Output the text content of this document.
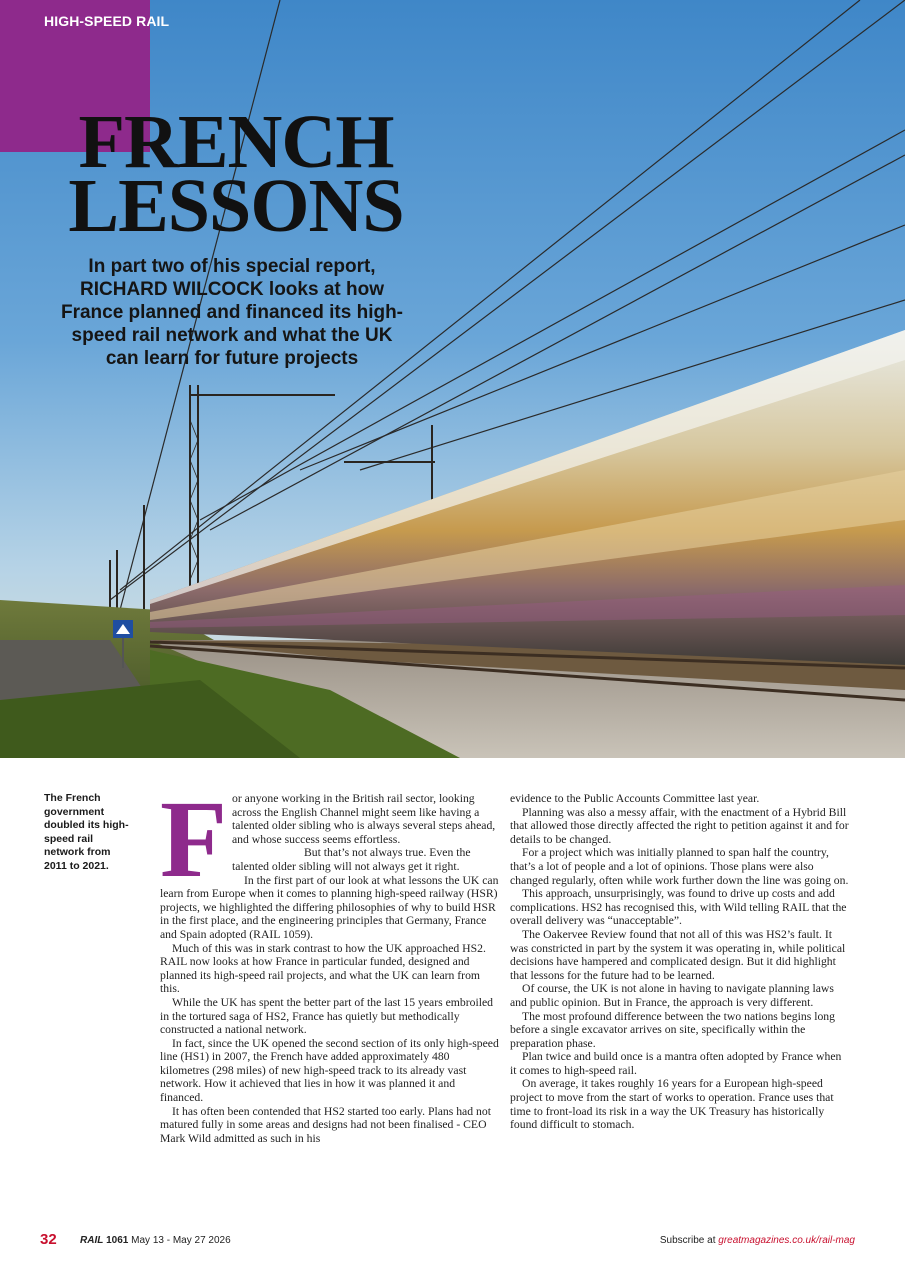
HIGH-SPEED RAIL
FRENCH
LESSONS

In part two of his special report, RICHARD WILCOCK looks at how France planned and financed its high-speed rail network and what the UK can learn for future projects

The French government doubled its high-speed rail network from 2011 to 2021. For anyone working in the British rail sector, looking across the English Channel might seem like having a talented older sibling who is always several steps ahead, and whose success seems effortless.

But that’s not always true. Even the talented older sibling will not always get it right.

In the first part of our look at what lessons the UK can learn from Europe when it comes to planning high-speed railway (HSR) projects, we highlighted the differing philosophies of why to build HSR in the first place, and the engineering principles that Germany, France and Spain adopted (RAIL 1059).

Much of this was in stark contrast to how the UK approached HS2. RAIL now looks at how France in particular funded, designed and planned its high-speed rail projects, and what the UK can learn from this.

While the UK has spent the better part of the last 15 years embroiled in the tortured saga of HS2, France has quietly but methodically constructed a national network.

In fact, since the UK opened the second section of its only high-speed line (HS1) in 2007, the French have added approximately 480 kilometres (298 miles) of new high-speed track to its already vast network. How it achieved that lies in how it was planned it and financed.

It has often been contended that HS2 started too early. Plans had not matured fully in some areas and designs had not been finalised - CEO Mark Wild admitted as such in his

evidence to the Public Accounts Committee last year.

Planning was also a messy affair, with the enactment of a Hybrid Bill that allowed those directly affected the right to petition against it and for details to be changed.

For a project which was initially planned to span half the country, that’s a lot of people and a lot of opinions. Those plans were also changed regularly, often while work further down the line was going on.

This approach, unsurprisingly, was found to drive up costs and add complications. HS2 has recognised this, with Wild telling RAIL that the overall delivery was “unacceptable”.

The Oakervee Review found that not all of this was HS2’s fault. It was constricted in part by the system it was operating in, while political decisions have hampered and complicated design. But it did highlight that lessons for the future had to be learned.

Of course, the UK is not alone in having to navigate planning laws and public opinion. But in France, the approach is very different.

The most profound difference between the two nations begins long before a single excavator arrives on site, specifically within the preparation phase.

Plan twice and build once is a mantra often adopted by France when it comes to high-speed rail.

On average, it takes roughly 16 years for a European high-speed project to move from the start of works to operation. France uses that time to front-load its risk in a way the UK Treasury has historically found difficult to stomach.

32 RAIL 1061 May 13 - May 27 2026	Subscribe at greatmagazines.co.uk/rail-mag
